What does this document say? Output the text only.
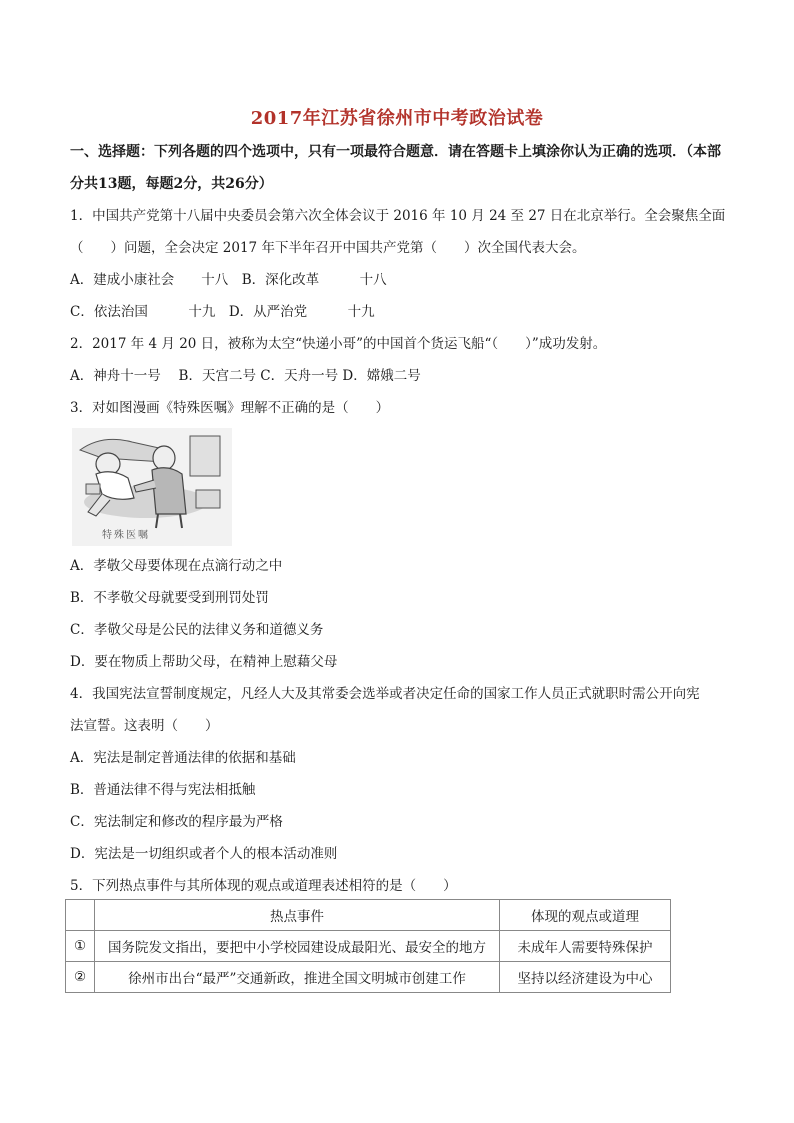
2017年江苏省徐州市中考政治试卷
一、选择题：下列各题的四个选项中，只有一项最符合题意．请在答题卡上填涂你认为正确的选项．（本部
分共13题，每题2分，共26分）
1．中国共产党第十八届中央委员会第六次全体会议于 2016 年 10 月 24 至 27 日在北京举行。全会聚焦全面
（　　）问题，全会决定 2017 年下半年召开中国共产党第（　　）次全国代表大会。
A．建成小康社会　　十八　B．深化改革　　　十八
C．依法治国　　　十九　D．从严治党　　　十九
2．2017 年 4 月 20 日，被称为太空“快递小哥”的中国首个货运飞船“（　　）”成功发射。
A．神舟十一号　 B．天宫二号 C．天舟一号 D．嫦娥二号
3．对如图漫画《特殊医嘱》理解不正确的是（　　）
特殊医嘱
A．孝敬父母要体现在点滴行动之中
B．不孝敬父母就要受到刑罚处罚
C．孝敬父母是公民的法律义务和道德义务
D．要在物质上帮助父母，在精神上慰藉父母
4．我国宪法宣誓制度规定，凡经人大及其常委会选举或者决定任命的国家工作人员正式就职时需公开向宪
法宣誓。这表明（　　）
A．宪法是制定普通法律的依据和基础
B．普通法律不得与宪法相抵触
C．宪法制定和修改的程序最为严格
D．宪法是一切组织或者个人的根本活动准则
5．下列热点事件与其所体现的观点或道理表述相符的是（　　）
	热点事件	体现的观点或道理
①	国务院发文指出，要把中小学校园建设成最阳光、最安全的地方	未成年人需要特殊保护
②	徐州市出台“最严”交通新政，推进全国文明城市创建工作	坚持以经济建设为中心
